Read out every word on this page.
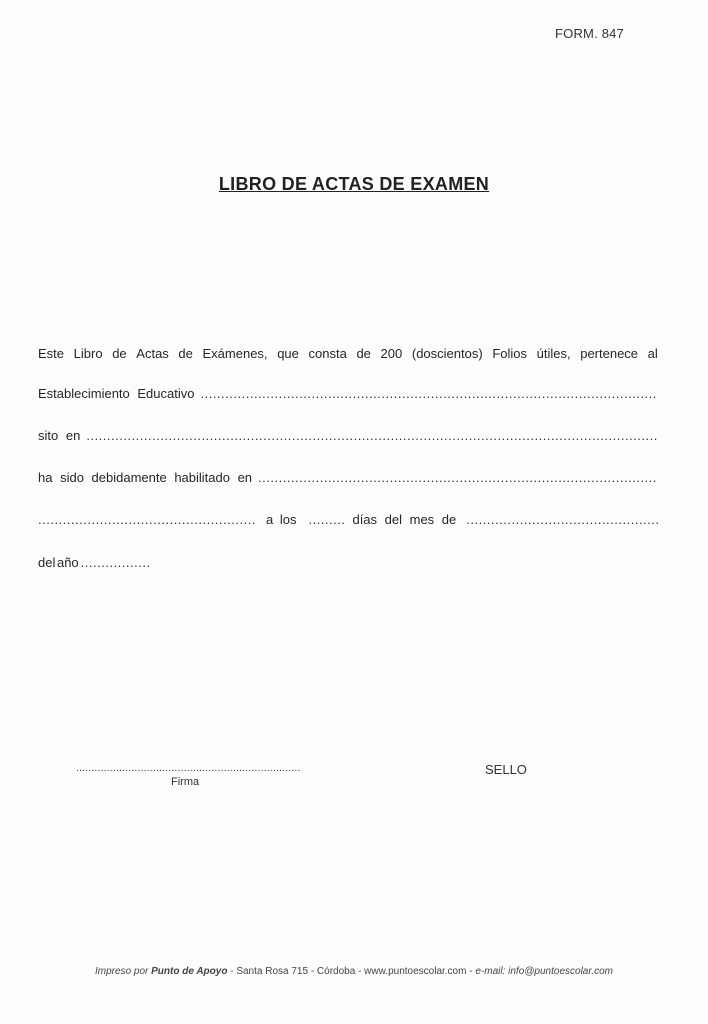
FORM. 847
LIBRO DE ACTAS DE EXAMEN
Este Libro de Actas de Exámenes, que consta de 200 (doscientos) Folios útiles, pertenece al
Establecimiento Educativo
.....
sito en
.....
ha sido debidamente habilitado en
.....
.....
a los
.....	días del mes de
.....
del año
.....
.....
Firma
SELLO
Impreso por Punto de Apoyo - Santa Rosa 715 - Córdoba - www.puntoescolar.com - e-mail: info@puntoescolar.com
